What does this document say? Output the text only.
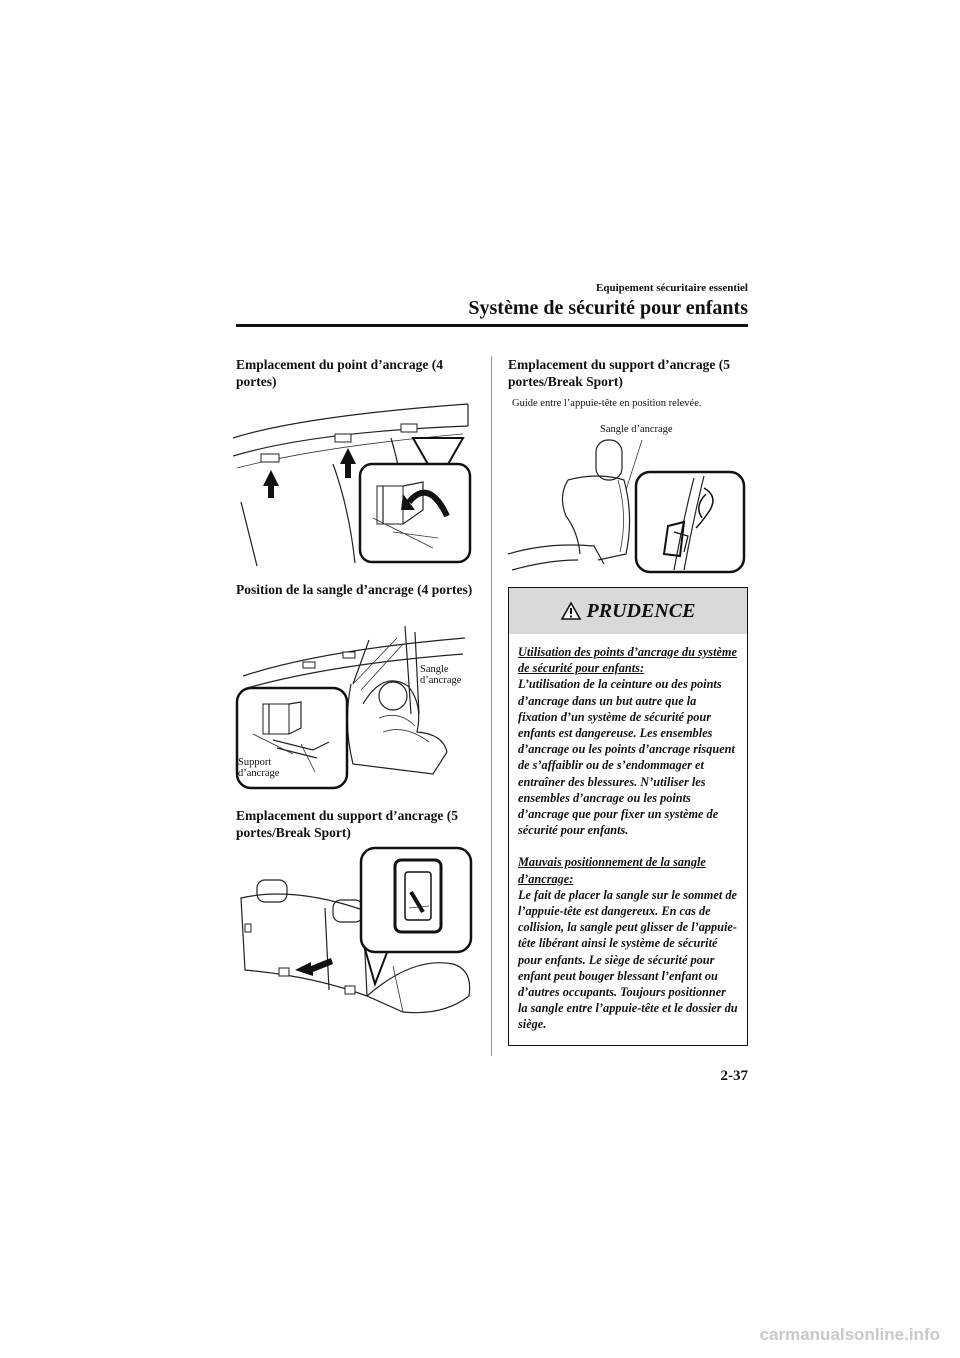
Equipement sécuritaire essentiel
Système de sécurité pour enfants
Emplacement du point d’ancrage (4 portes)
Position de la sangle d’ancrage (4 portes)
Sangle
d’ancrage
Support
d’ancrage
Emplacement du support d’ancrage (5 portes/Break Sport)
Emplacement du support d’ancrage (5 portes/Break Sport)
Guide entre l’appuie-tête en position relevée.
Sangle d’ancrage
PRUDENCE
Utilisation des points d’ancrage du système de sécurité pour enfants:
L’utilisation de la ceinture ou des points d’ancrage dans un but autre que la fixation d’un système de sécurité pour enfants est dangereuse. Les ensembles d’ancrage ou les points d’ancrage risquent de s’affaiblir ou de s’endommager et entraîner des blessures. N’utiliser les ensembles d’ancrage ou les points d’ancrage que pour fixer un système de sécurité pour enfants.
Mauvais positionnement de la sangle d’ancrage:
Le fait de placer la sangle sur le sommet de l’appuie-tête est dangereux. En cas de collision, la sangle peut glisser de l’appuie-tête libérant ainsi le système de sécurité pour enfants. Le siège de sécurité pour enfant peut bouger blessant l’enfant ou d’autres occupants. Toujours positionner la sangle entre l’appuie-tête et le dossier du siège.
2-37
carmanualsonline.info
